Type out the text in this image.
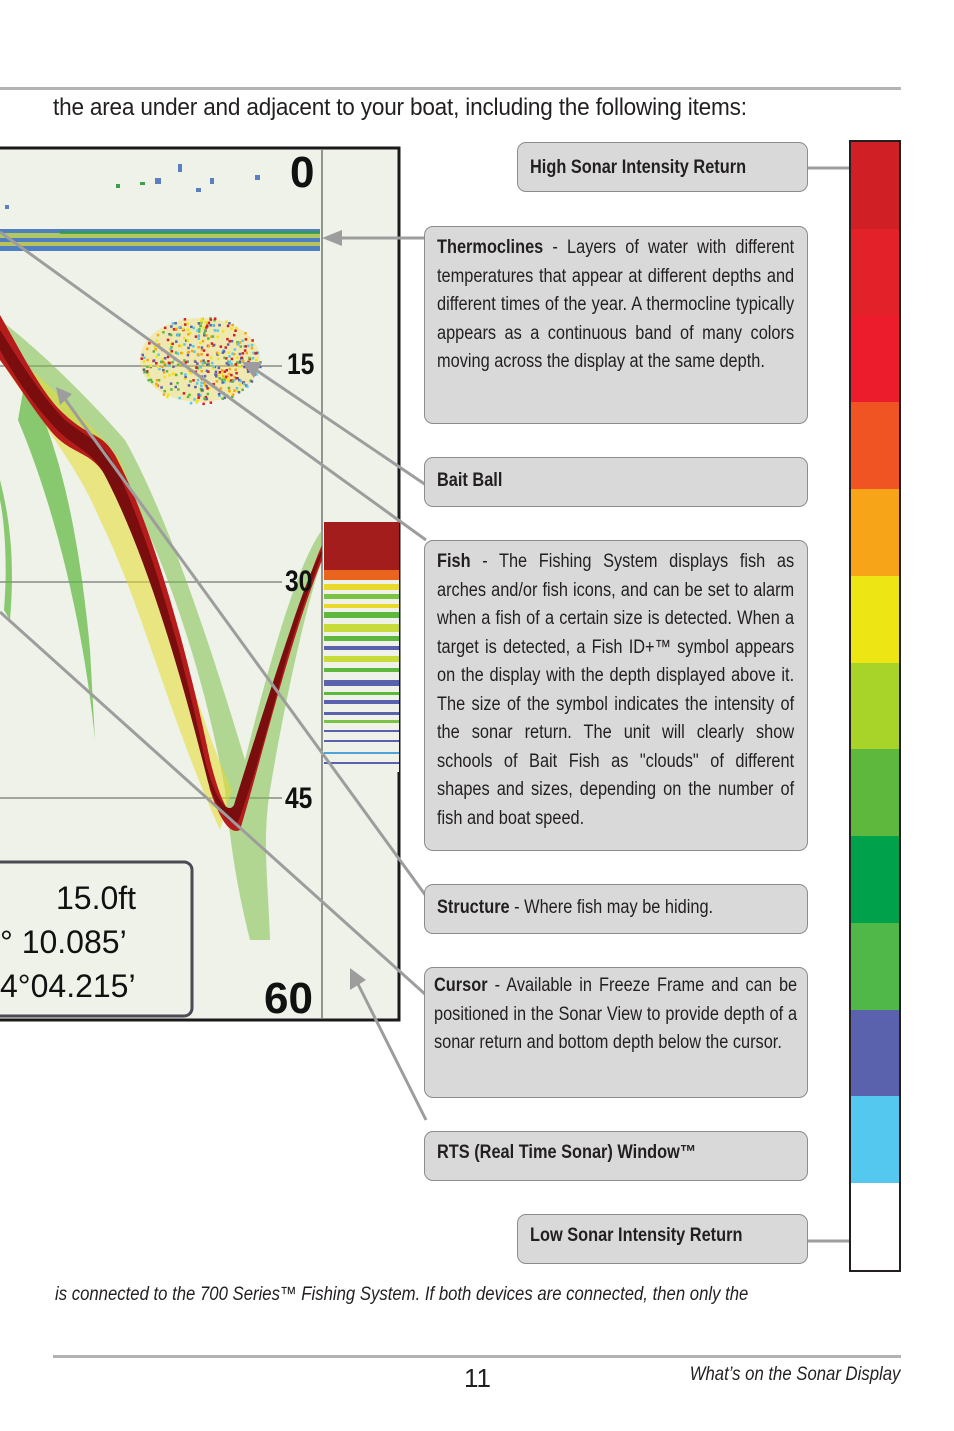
the area under and adjacent to your boat, including the following items:
0
15
30
45
60
15.0ft
° 10.085’
4°04.215’
High Sonar Intensity Return
Thermoclines - Layers of water with different temperatures that appear at different depths and different times of the year. A thermocline typically appears as a continuous band of many colors moving across the display at the same depth.
Bait Ball
Fish - The Fishing System displays fish as arches and/or fish icons, and can be set to alarm when a fish of a certain size is detected. When a target is detected, a Fish ID+™ symbol appears on the display with the depth displayed above it. The size of the symbol indicates the intensity of the sonar return. The unit will clearly show schools of Bait Fish as "clouds" of different shapes and sizes, depending on the number of fish and boat speed.
Structure - Where fish may be hiding.
Cursor - Available in Freeze Frame and can be positioned in the Sonar View to provide depth of a sonar return and bottom depth below the cursor.
RTS (Real Time Sonar) Window™
Low Sonar Intensity Return
is connected to the 700 Series™ Fishing System. If both devices are connected, then only the
11	What’s on the Sonar Display
